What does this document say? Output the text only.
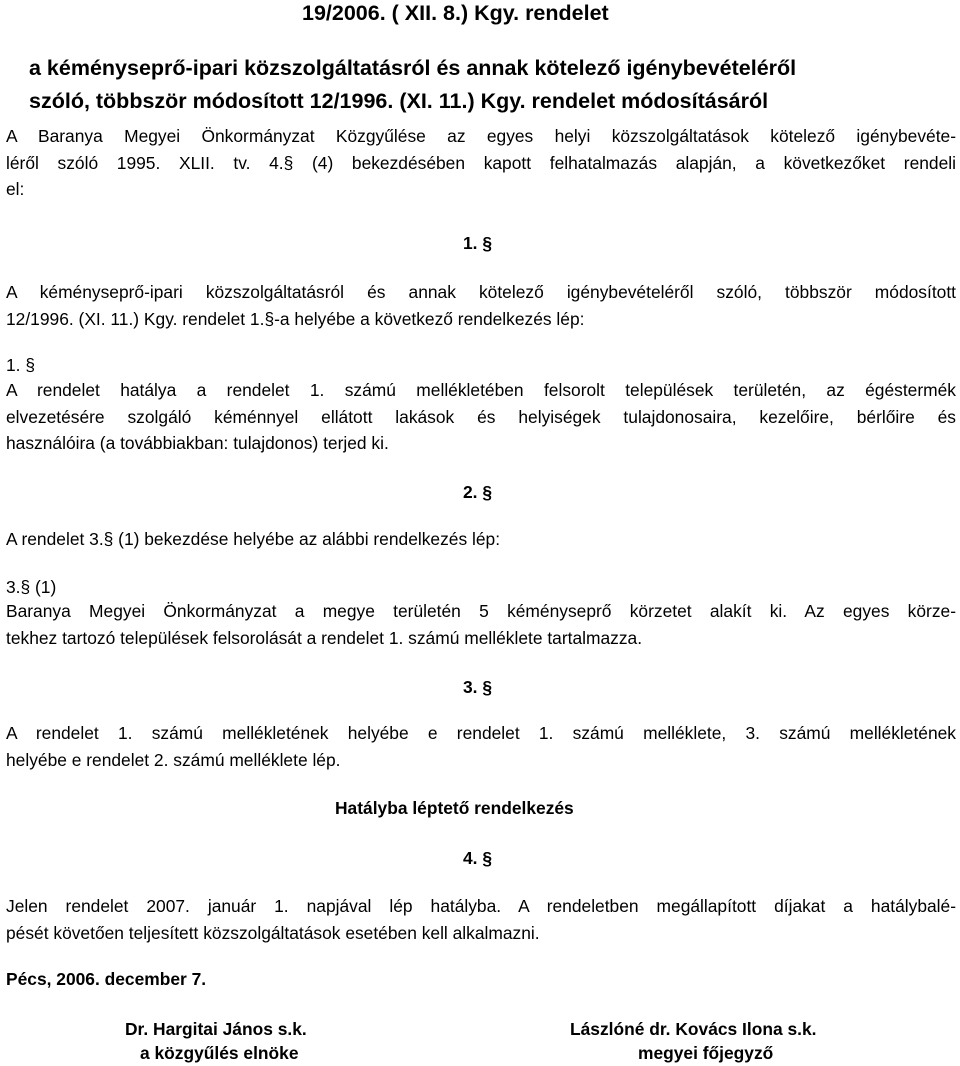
19/2006. ( XII. 8.) Kgy. rendelet
a kéményseprő-ipari közszolgáltatásról és annak kötelező igénybevételéről
szóló, többször módosított 12/1996. (XI. 11.) Kgy. rendelet módosításáról
A Baranya Megyei Önkormányzat Közgyűlése az egyes helyi közszolgáltatások kötelező igénybevéte-
léről szóló 1995. XLII. tv. 4.§ (4) bekezdésében kapott felhatalmazás alapján, a következőket rendeli
el:
1. §
A kéményseprő-ipari közszolgáltatásról és annak kötelező igénybevételéről szóló, többször módosított
12/1996. (XI. 11.) Kgy. rendelet 1.§-a helyébe a következő rendelkezés lép:
1. §
A rendelet hatálya a rendelet 1. számú mellékletében felsorolt települések területén, az égéstermék
elvezetésére szolgáló kéménnyel ellátott lakások és helyiségek tulajdonosaira, kezelőire, bérlőire és
használóira (a továbbiakban: tulajdonos) terjed ki.
2. §
A rendelet 3.§ (1) bekezdése helyébe az alábbi rendelkezés lép:
3.§ (1)
Baranya Megyei Önkormányzat a megye területén 5 kéményseprő körzetet alakít ki. Az egyes körze-
tekhez tartozó települések felsorolását a rendelet 1. számú melléklete tartalmazza.
3. §
A rendelet 1. számú mellékletének helyébe e rendelet 1. számú melléklete, 3. számú mellékletének
helyébe e rendelet 2. számú melléklete lép.
Hatályba léptető rendelkezés
4. §
Jelen rendelet 2007. január 1. napjával lép hatályba. A rendeletben megállapított díjakat a hatálybalé-
pését követően teljesített közszolgáltatások esetében kell alkalmazni.
Pécs, 2006. december 7.
Dr. Hargitai János s.k.
a közgyűlés elnöke
Lászlóné dr. Kovács Ilona s.k.
megyei főjegyző
